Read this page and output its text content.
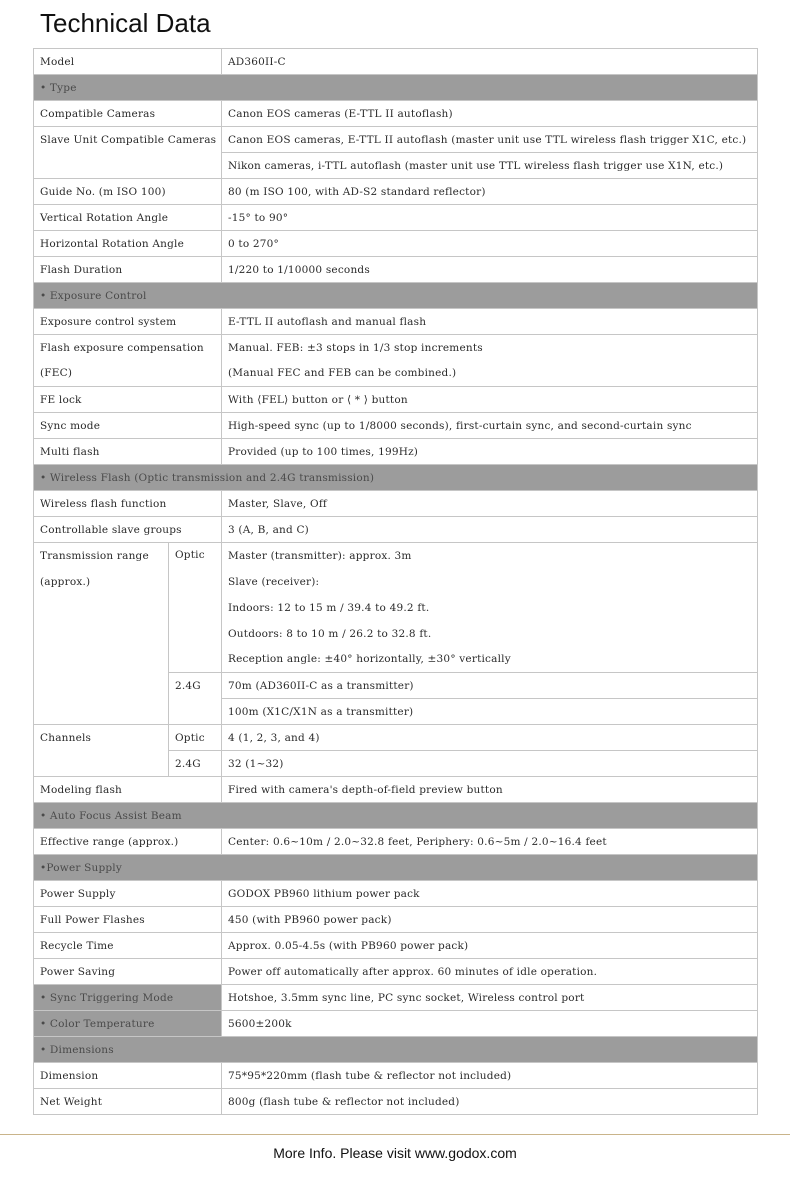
Technical Data
Model		AD360II-C
• Type		
Compatible Cameras		Canon EOS cameras (E-TTL II autoflash)
Slave Unit Compatible Cameras		Canon EOS cameras, E-TTL II autoflash (master unit use TTL wireless flash trigger X1C, etc.)
		Nikon cameras, i-TTL autoflash (master unit use TTL wireless flash trigger use X1N, etc.)
Guide No. (m ISO 100)		80 (m ISO 100, with AD-S2 standard reflector)
Vertical Rotation Angle		-15° to 90°
Horizontal Rotation Angle		0 to 270°
Flash Duration		1/220 to 1/10000 seconds
• Exposure Control		
Exposure control system		E-TTL II autoflash and manual flash
Flash exposure compensation		Manual. FEB: ±3 stops in 1/3 stop increments
(FEC)		(Manual FEC and FEB can be combined.)
FE lock		With ⟨FEL⟩ button or ⟨ * ⟩ button
Sync mode		High-speed sync (up to 1/8000 seconds), first-curtain sync, and second-curtain sync
Multi flash		Provided (up to 100 times, 199Hz)
• Wireless Flash (Optic transmission and 2.4G transmission)		
Wireless flash function		Master, Slave, Off
Controllable slave groups		3 (A, B, and C)
Transmission range	Optic	Master (transmitter): approx. 3m
(approx.)		Slave (receiver):
		Indoors: 12 to 15 m / 39.4 to 49.2 ft.
		Outdoors: 8 to 10 m / 26.2 to 32.8 ft.
		Reception angle: ±40° horizontally, ±30° vertically
	2.4G	70m (AD360II-C as a transmitter)
		100m (X1C/X1N as a transmitter)
Channels	Optic	4 (1, 2, 3, and 4)
	2.4G	32 (1~32)
Modeling flash		Fired with camera's depth-of-field preview button
• Auto Focus Assist Beam		
Effective range (approx.)		Center: 0.6~10m / 2.0~32.8 feet, Periphery: 0.6~5m / 2.0~16.4 feet
•Power Supply		
Power Supply		GODOX PB960 lithium power pack
Full Power Flashes		450 (with PB960 power pack)
Recycle Time		Approx. 0.05-4.5s (with PB960 power pack)
Power Saving		Power off automatically after approx. 60 minutes of idle operation.
• Sync Triggering Mode		Hotshoe, 3.5mm sync line, PC sync socket, Wireless control port
• Color Temperature		5600±200k
• Dimensions		
Dimension		75*95*220mm (flash tube & reflector not included)
Net Weight		800g (flash tube & reflector not included)
More Info. Please visit www.godox.com
